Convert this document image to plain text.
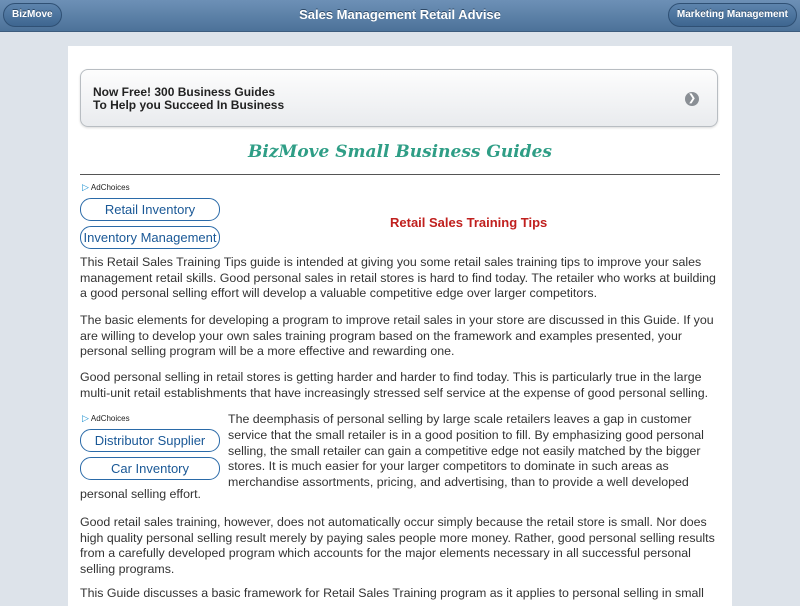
BizMove	Sales Management Retail Advise	Marketing Management
Now Free! 300 Business Guides
To Help you Succeed In Business	❯
BizMove Small Business Guides
▷ AdChoices
Retail Inventory
Inventory Management
Retail Sales Training Tips

This Retail Sales Training Tips guide is intended at giving you some retail sales training tips to improve your sales management retail skills. Good personal sales in retail stores is hard to find today. The retailer who works at building a good personal selling effort will develop a valuable competitive edge over larger competitors.

The basic elements for developing a program to improve retail sales in your store are discussed in this Guide. If you are willing to develop your own sales training program based on the framework and examples presented, your personal selling program will be a more effective and rewarding one.

Good personal selling in retail stores is getting harder and harder to find today. This is particularly true in the large multi-unit retail establishments that have increasingly stressed self service at the expense of good personal selling.

▷ AdChoices
Distributor Supplier
Car Inventory
The deemphasis of personal selling by large scale retailers leaves a gap in customer
service that the small retailer is in a good position to fill. By emphasizing good personal
selling, the small retailer can gain a competitive edge not easily matched by the bigger
stores. It is much easier for your larger competitors to dominate in such areas as
merchandise assortments, pricing, and advertising, than to provide a well developed
personal selling effort.

Good retail sales training, however, does not automatically occur simply because the retail store is small. Nor does high quality personal selling result merely by paying sales people more money. Rather, good personal selling results from a carefully developed program which accounts for the major elements necessary in all successful personal selling programs.

This Guide discusses a basic framework for Retail Sales Training program as it applies to personal selling in small
